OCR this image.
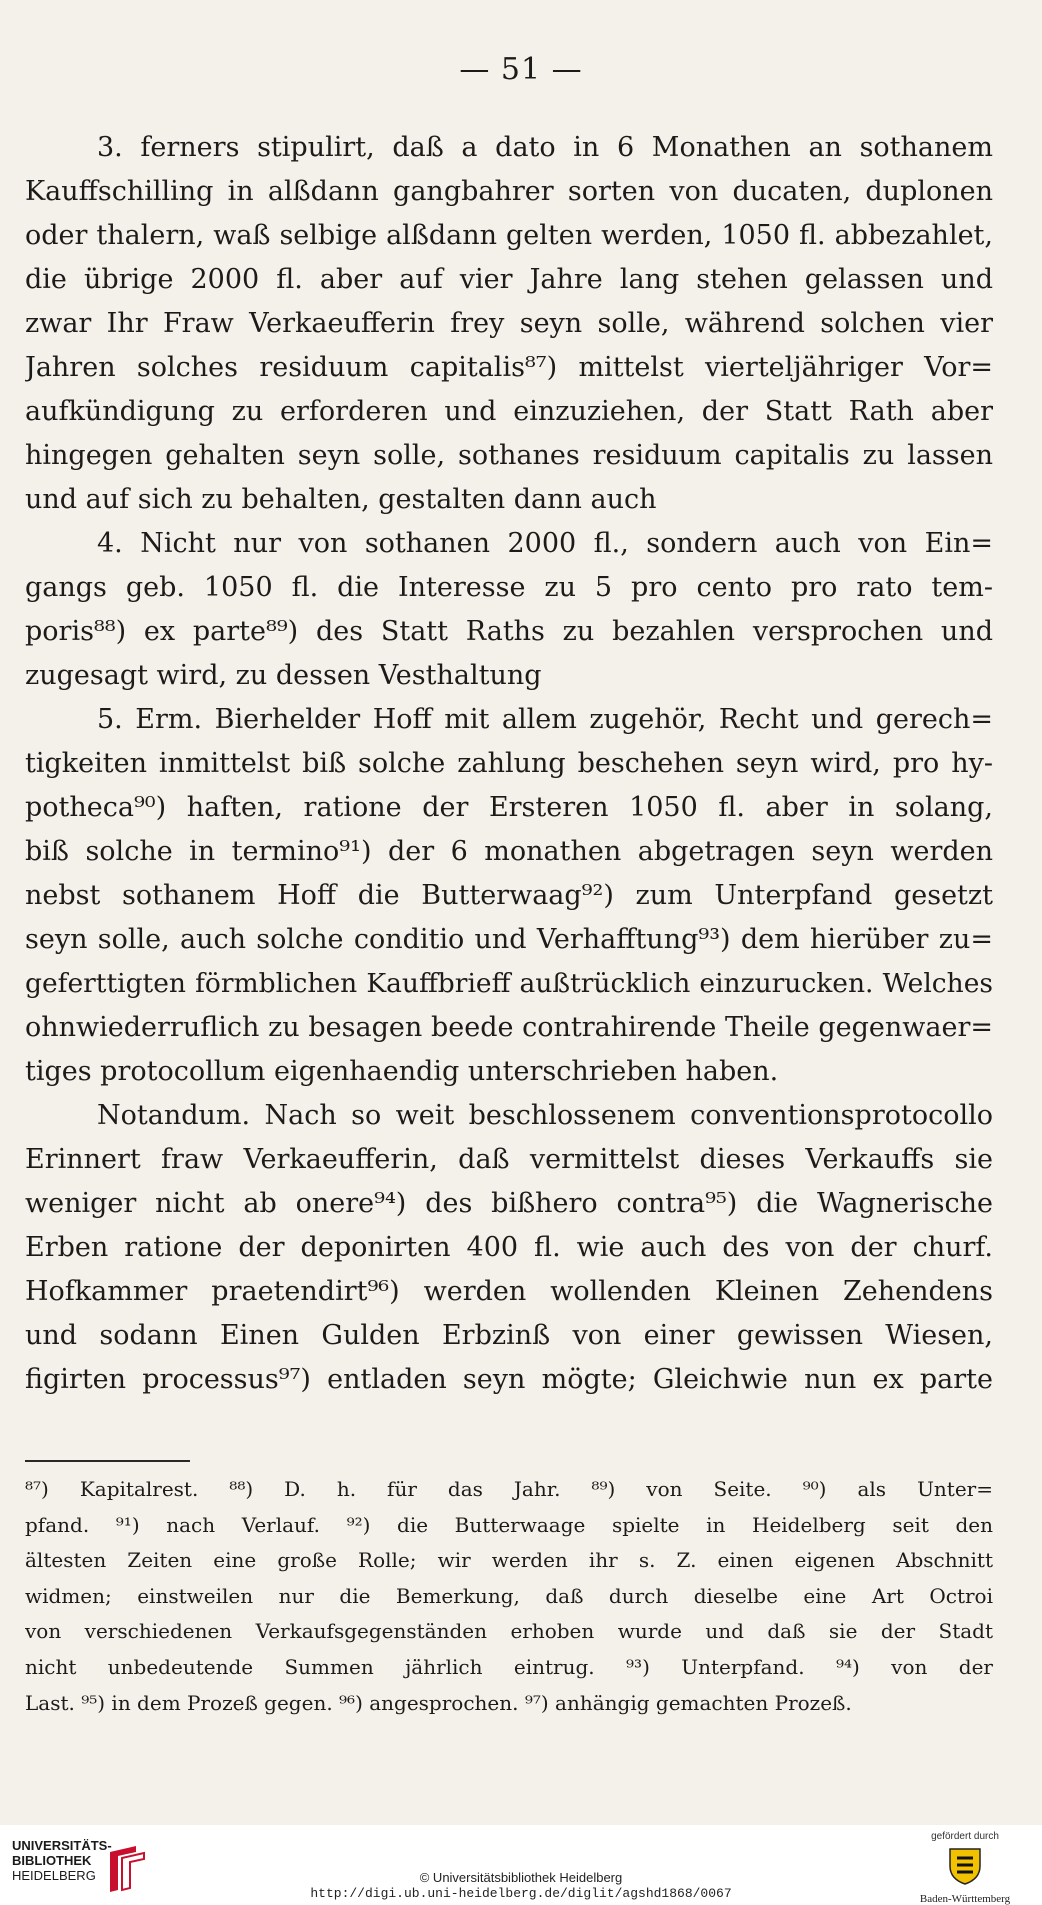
— 51 —
3. ferners stipulirt, daß a dato in 6 Monathen an sothanem
Kauffschilling in alßdann gangbahrer sorten von ducaten, duplonen
oder thalern, waß selbige alßdann gelten werden, 1050 fl. abbezahlet,
die übrige 2000 fl. aber auf vier Jahre lang stehen gelassen und
zwar Ihr Fraw Verkaeufferin frey seyn solle, während solchen vier
Jahren solches residuum capitalis⁸⁷) mittelst vierteljähriger Vor=
aufkündigung zu erforderen und einzuziehen, der Statt Rath aber
hingegen gehalten seyn solle, sothanes residuum capitalis zu lassen
und auf sich zu behalten, gestalten dann auch
4. Nicht nur von sothanen 2000 fl., sondern auch von Ein=
gangs geb. 1050 fl. die Interesse zu 5 pro cento pro rato tem-
poris⁸⁸) ex parte⁸⁹) des Statt Raths zu bezahlen versprochen und
zugesagt wird, zu dessen Vesthaltung
5. Erm. Bierhelder Hoff mit allem zugehör, Recht und gerech=
tigkeiten inmittelst biß solche zahlung beschehen seyn wird, pro hy-
potheca⁹⁰) haften, ratione der Ersteren 1050 fl. aber in solang,
biß solche in termino⁹¹) der 6 monathen abgetragen seyn werden
nebst sothanem Hoff die Butterwaag⁹²) zum Unterpfand gesetzt
seyn solle, auch solche conditio und Verhafftung⁹³) dem hierüber zu=
geferttigten förmblichen Kauffbrieff außtrücklich einzurucken. Welches
ohnwiederruflich zu besagen beede contrahirende Theile gegenwaer=
tiges protocollum eigenhaendig unterschrieben haben.
Notandum. Nach so weit beschlossenem conventionsprotocollo
Erinnert fraw Verkaeufferin, daß vermittelst dieses Verkauffs sie
weniger nicht ab onere⁹⁴) des bißhero contra⁹⁵) die Wagnerische
Erben ratione der deponirten 400 fl. wie auch des von der churf.
Hofkammer praetendirt⁹⁶) werden wollenden Kleinen Zehendens
und sodann Einen Gulden Erbzinß von einer gewissen Wiesen,
figirten processus⁹⁷) entladen seyn mögte; Gleichwie nun ex parte
⁸⁷) Kapitalrest. ⁸⁸) D. h. für das Jahr. ⁸⁹) von Seite. ⁹⁰) als Unter=
pfand. ⁹¹) nach Verlauf. ⁹²) die Butterwaage spielte in Heidelberg seit den
ältesten Zeiten eine große Rolle; wir werden ihr s. Z. einen eigenen Abschnitt
widmen; einstweilen nur die Bemerkung, daß durch dieselbe eine Art Octroi
von verschiedenen Verkaufsgegenständen erhoben wurde und daß sie der Stadt
nicht unbedeutende Summen jährlich eintrug. ⁹³) Unterpfand. ⁹⁴) von der
Last. ⁹⁵) in dem Prozeß gegen. ⁹⁶) angesprochen. ⁹⁷) anhängig gemachten Prozeß.
UNIVERSITÄTS-
BIBLIOTHEK
HEIDELBERG	© Universitätsbibliothek Heidelberg
http://digi.ub.uni-heidelberg.de/diglit/agshd1868/0067
gefördert durch
Baden-Württemberg
